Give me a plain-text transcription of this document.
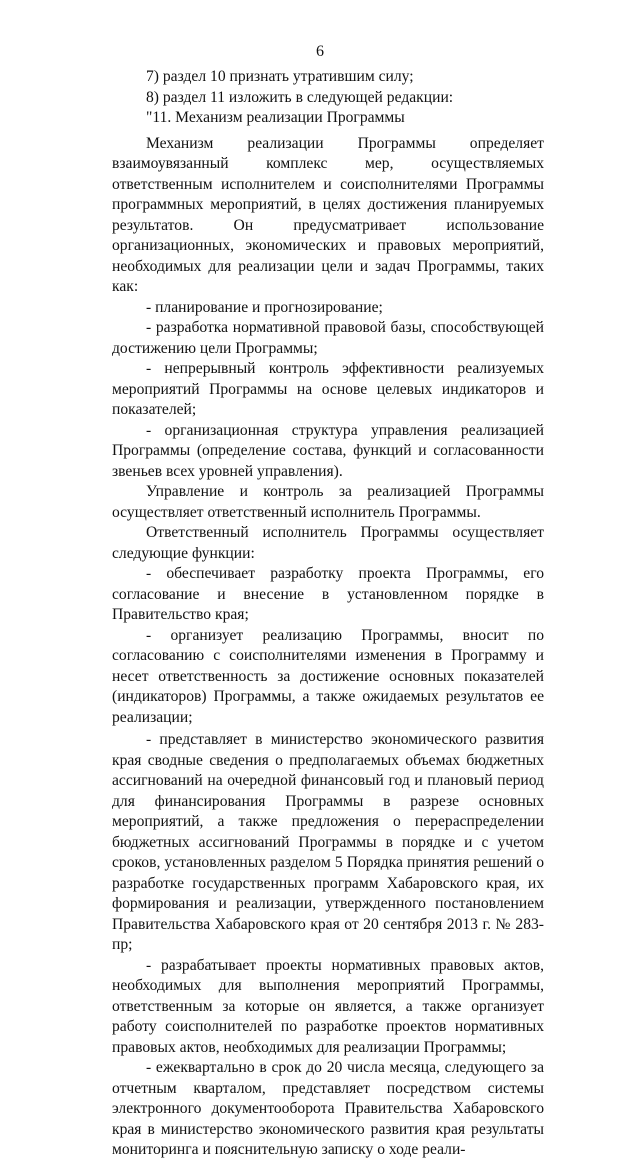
6

7) раздел 10 признать утратившим силу;

8) раздел 11 изложить в следующей редакции:

"11. Механизм реализации Программы

Механизм реализации Программы определяет взаимоувязанный комплекс мер, осуществляемых ответственным исполнителем и соисполнителями Программы программных мероприятий, в целях достижения планируемых результатов. Он предусматривает использование организационных, экономических и правовых мероприятий, необходимых для реализации цели и задач Программы, таких как:

- планирование и прогнозирование;

- разработка нормативной правовой базы, способствующей достижению цели Программы;

- непрерывный контроль эффективности реализуемых мероприятий Программы на основе целевых индикаторов и показателей;

- организационная структура управления реализацией Программы (определение состава, функций и согласованности звеньев всех уровней управления).

Управление и контроль за реализацией Программы осуществляет ответственный исполнитель Программы.

Ответственный исполнитель Программы осуществляет следующие функции:

- обеспечивает разработку проекта Программы, его согласование и внесение в установленном порядке в Правительство края;

- организует реализацию Программы, вносит по согласованию с соисполнителями изменения в Программу и несет ответственность за достижение основных показателей (индикаторов) Программы, а также ожидаемых результатов ее реализации;

- представляет в министерство экономического развития края сводные сведения о предполагаемых объемах бюджетных ассигнований на очередной финансовый год и плановый период для финансирования Программы в разрезе основных мероприятий, а также предложения о перераспределении бюджетных ассигнований Программы в порядке и с учетом сроков, установленных разделом 5 Порядка принятия решений о разработке государственных программ Хабаровского края, их формирования и реализации, утвержденного постановлением Правительства Хабаровского края от 20 сентября 2013 г. № 283-пр;

- разрабатывает проекты нормативных правовых актов, необходимых для выполнения мероприятий Программы, ответственным за которые он является, а также организует работу соисполнителей по разработке проектов нормативных правовых актов, необходимых для реализации Программы;

- ежеквартально в срок до 20 числа месяца, следующего за отчетным кварталом, представляет посредством системы электронного документооборота Правительства Хабаровского края в министерство экономического развития края результаты мониторинга и пояснительную записку о ходе реали-
